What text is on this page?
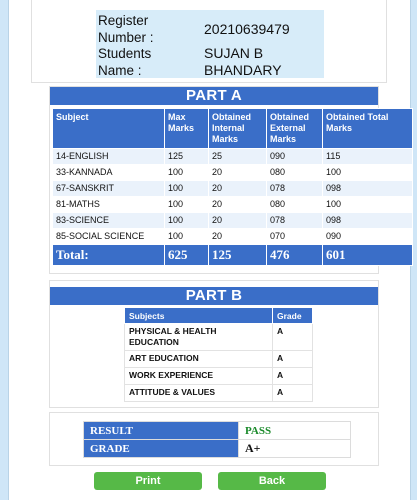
Register
Number :
20210639479
Students
Name :
SUJAN B
BHANDARY
PART A
Subject	Max Marks	Obtained Internal Marks	Obtained External Marks	Obtained Total Marks
14-ENGLISH	125	25	090	115
33-KANNADA	100	20	080	100
67-SANSKRIT	100	20	078	098
81-MATHS	100	20	080	100
83-SCIENCE	100	20	078	098
85-SOCIAL SCIENCE	100	20	070	090
Total:	625	125	476	601
PART B
Subjects	Grade
PHYSICAL & HEALTH EDUCATION	A
ART EDUCATION	A
WORK EXPERIENCE	A
ATTITUDE & VALUES	A
RESULT	PASS
GRADE	A+
Print	Back
